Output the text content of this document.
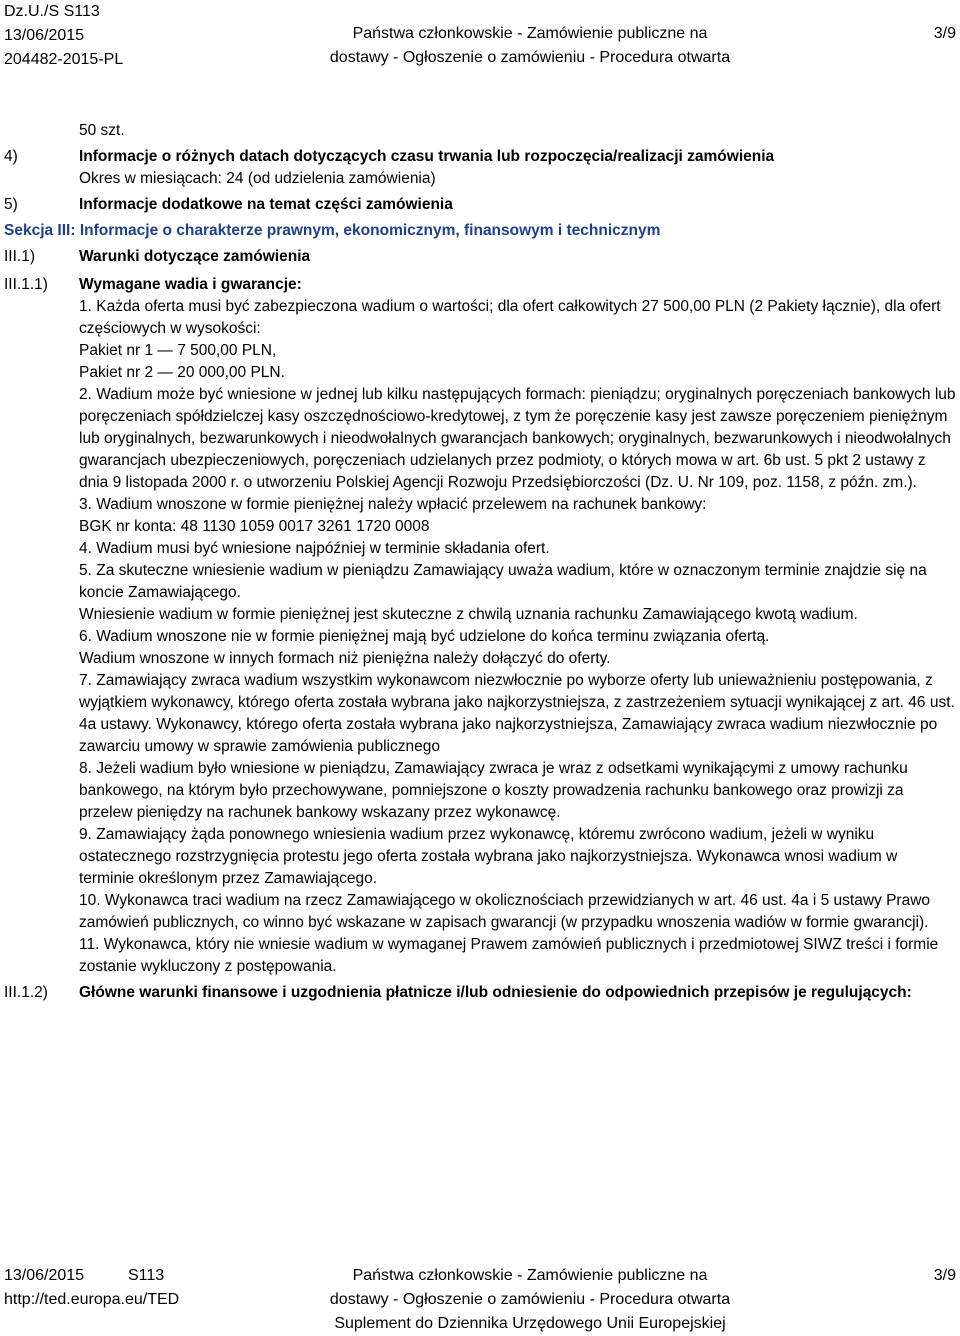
Dz.U./S S113
13/06/2015
204482-2015-PL
Państwa członkowskie - Zamówienie publiczne na
dostawy - Ogłoszenie o zamówieniu - Procedura otwarta
3/9
50 szt.
4)	Informacje o różnych datach dotyczących czasu trwania lub rozpoczęcia/realizacji zamówienia
Okres w miesiącach: 24 (od udzielenia zamówienia)
5)	Informacje dodatkowe na temat części zamówienia
Sekcja III: Informacje o charakterze prawnym, ekonomicznym, finansowym i technicznym
III.1)	Warunki dotyczące zamówienia
III.1.1)	Wymagane wadia i gwarancje:

1. Każda oferta musi być zabezpieczona wadium o wartości; dla ofert całkowitych 27 500,00 PLN (2 Pakiety łącznie), dla ofert częściowych w wysokości:

Pakiet nr 1 — 7 500,00 PLN,

Pakiet nr 2 — 20 000,00 PLN.

2. Wadium może być wniesione w jednej lub kilku następujących formach: pieniądzu; oryginalnych poręczeniach bankowych lub poręczeniach spółdzielczej kasy oszczędnościowo-kredytowej, z tym że poręczenie kasy jest zawsze poręczeniem pieniężnym lub oryginalnych, bezwarunkowych i nieodwołalnych gwarancjach bankowych; oryginalnych, bezwarunkowych i nieodwołalnych gwarancjach ubezpieczeniowych, poręczeniach udzielanych przez podmioty, o których mowa w art. 6b ust. 5 pkt 2 ustawy z dnia 9 listopada 2000 r. o utworzeniu Polskiej Agencji Rozwoju Przedsiębiorczości (Dz. U. Nr 109, poz. 1158, z późn. zm.).

3. Wadium wnoszone w formie pieniężnej należy wpłacić przelewem na rachunek bankowy:

BGK nr konta: 48 1130 1059 0017 3261 1720 0008

4. Wadium musi być wniesione najpóźniej w terminie składania ofert.

5. Za skuteczne wniesienie wadium w pieniądzu Zamawiający uważa wadium, które w oznaczonym terminie znajdzie się na koncie Zamawiającego.

Wniesienie wadium w formie pieniężnej jest skuteczne z chwilą uznania rachunku Zamawiającego kwotą wadium.

6. Wadium wnoszone nie w formie pieniężnej mają być udzielone do końca terminu związania ofertą.

Wadium wnoszone w innych formach niż pieniężna należy dołączyć do oferty.

7. Zamawiający zwraca wadium wszystkim wykonawcom niezwłocznie po wyborze oferty lub unieważnieniu postępowania, z wyjątkiem wykonawcy, którego oferta została wybrana jako najkorzystniejsza, z zastrzeżeniem sytuacji wynikającej z art. 46 ust. 4a ustawy. Wykonawcy, którego oferta została wybrana jako najkorzystniejsza, Zamawiający zwraca wadium niezwłocznie po zawarciu umowy w sprawie zamówienia publicznego

8. Jeżeli wadium było wniesione w pieniądzu, Zamawiający zwraca je wraz z odsetkami wynikającymi z umowy rachunku bankowego, na którym było przechowywane, pomniejszone o koszty prowadzenia rachunku bankowego oraz prowizji za przelew pieniędzy na rachunek bankowy wskazany przez wykonawcę.

9. Zamawiający żąda ponownego wniesienia wadium przez wykonawcę, któremu zwrócono wadium, jeżeli w wyniku ostatecznego rozstrzygnięcia protestu jego oferta została wybrana jako najkorzystniejsza. Wykonawca wnosi wadium w terminie określonym przez Zamawiającego.

10. Wykonawca traci wadium na rzecz Zamawiającego w okolicznościach przewidzianych w art. 46 ust. 4a i 5 ustawy Prawo zamówień publicznych, co winno być wskazane w zapisach gwarancji (w przypadku wnoszenia wadiów w formie gwarancji).

11. Wykonawca, który nie wniesie wadium w wymaganej Prawem zamówień publicznych i przedmiotowej SIWZ treści i formie zostanie wykluczony z postępowania.

III.1.2)	Główne warunki finansowe i uzgodnienia płatnicze i/lub odniesienie do odpowiednich przepisów je regulujących:
13/06/2015	S113
http://ted.europa.eu/TED
Państwa członkowskie - Zamówienie publiczne na
dostawy - Ogłoszenie o zamówieniu - Procedura otwarta
Suplement do Dziennika Urzędowego Unii Europejskiej
3/9
